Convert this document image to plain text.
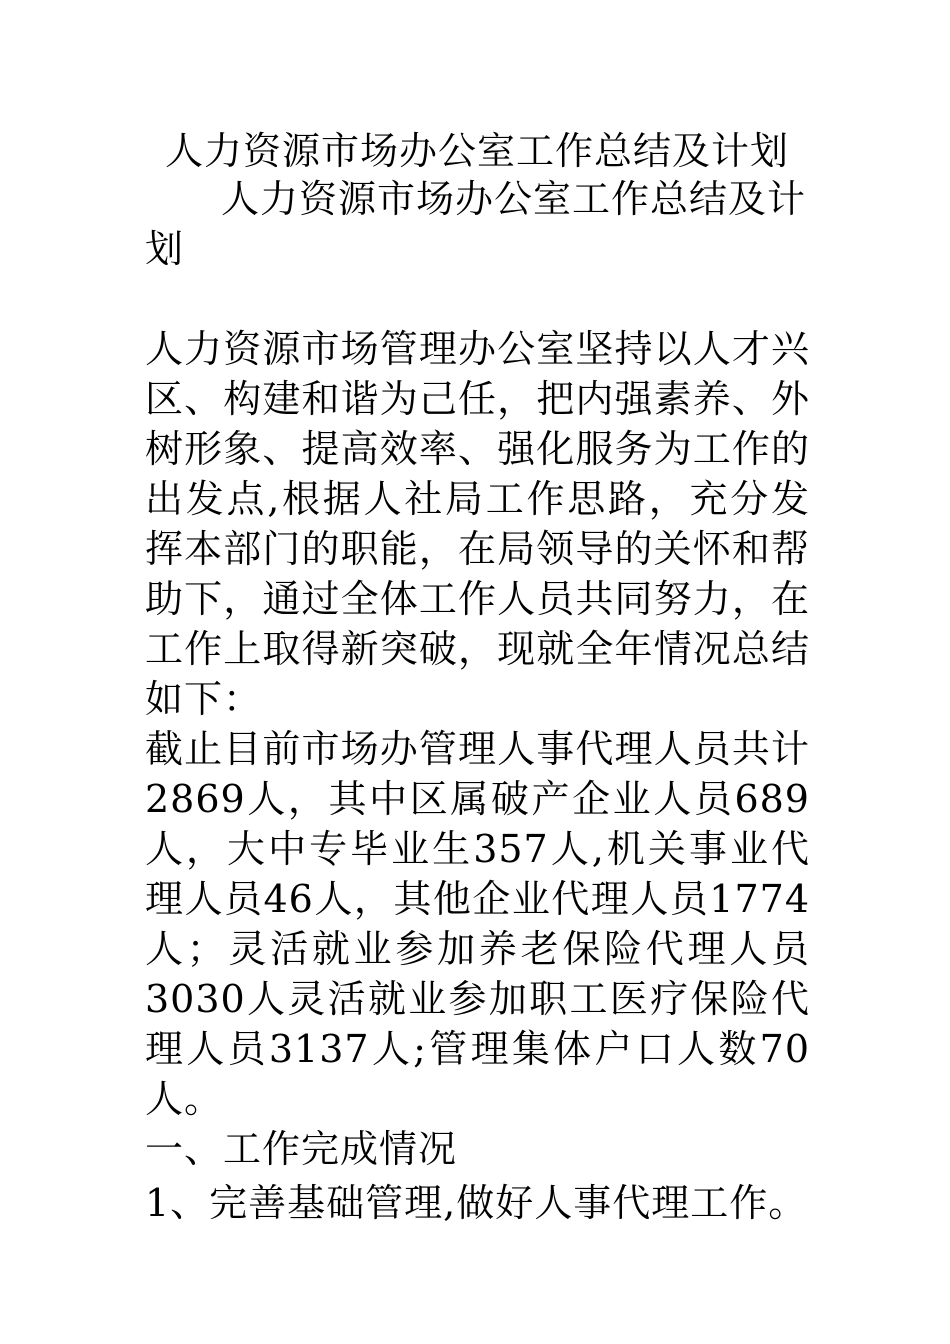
人力资源市场办公室工作总结及计划

人力资源市场办公室工作总结及计划

人力资源市场管理办公室坚持以人才兴区、构建和谐为己任，把内强素养、外树形象、提高效率、强化服务为工作的出发点,根据人社局工作思路，充分发挥本部门的职能，在局领导的关怀和帮助下，通过全体工作人员共同努力，在工作上取得新突破，现就全年情况总结如下：

截止目前市场办管理人事代理人员共计2869人，其中区属破产企业人员689人，大中专毕业生357人,机关事业代理人员46人，其他企业代理人员1774人；灵活就业参加养老保险代理人员3030人灵活就业参加职工医疗保险代理人员3137人;管理集体户口人数70人。

一、工作完成情况

1、完善基础管理,做好人事代理工作。
